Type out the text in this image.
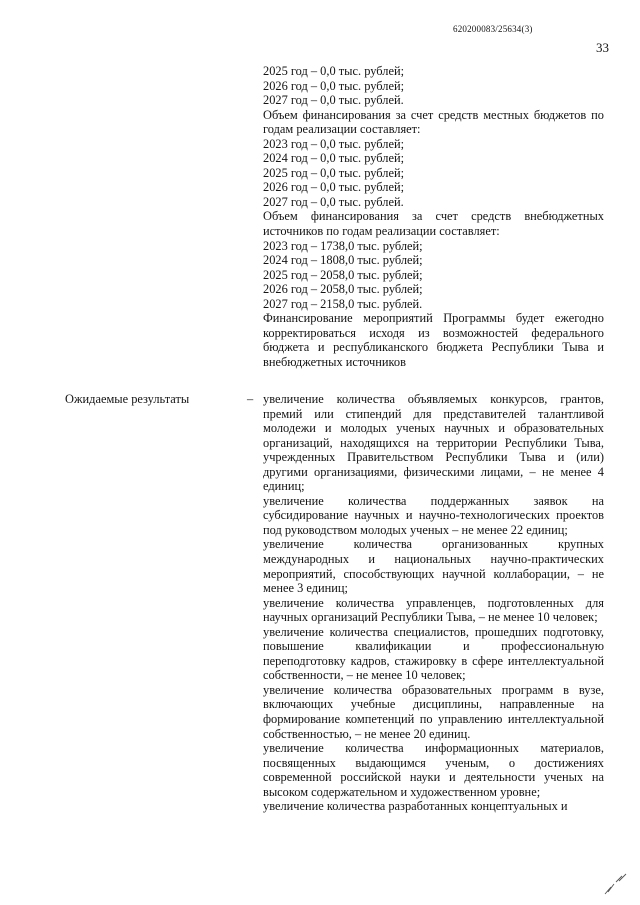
620200083/25634(3)
33

2025 год – 0,0 тыс. рублей;

2026 год – 0,0 тыс. рублей;

2027 год – 0,0 тыс. рублей.

Объем финансирования за счет средств местных бюджетов по годам реализации составляет:

2023 год – 0,0 тыс. рублей;

2024 год – 0,0 тыс. рублей;

2025 год – 0,0 тыс. рублей;

2026 год – 0,0 тыс. рублей;

2027 год – 0,0 тыс. рублей.

Объем финансирования за счет средств внебюджетных источников по годам реализации составляет:

2023 год – 1738,0 тыс. рублей;

2024 год – 1808,0 тыс. рублей;

2025 год – 2058,0 тыс. рублей;

2026 год – 2058,0 тыс. рублей;

2027 год – 2158,0 тыс. рублей.

Финансирование мероприятий Программы будет ежегодно корректироваться исходя из возможностей федерального бюджета и республиканского бюджета Республики Тыва и внебюджетных источников

Ожидаемые результаты	– увеличение количества объявляемых конкурсов, грантов, премий или стипендий для представителей талантливой молодежи и молодых ученых научных и образовательных организаций, находящихся на территории Республики Тыва, учрежденных Правительством Республики Тыва и (или) другими организациями, физическими лицами, – не менее 4 единиц;

увеличение количества поддержанных заявок на субсидирование научных и научно-технологических проектов под руководством молодых ученых – не менее 22 единиц;

увеличение количества организованных крупных международных и национальных научно-практических мероприятий, способствующих научной коллаборации, – не менее 3 единиц;

увеличение количества управленцев, подготовленных для научных организаций Республики Тыва, – не менее 10 человек;

увеличение количества специалистов, прошедших подготовку, повышение квалификации и профессиональную переподготовку кадров, стажировку в сфере интеллектуальной собственности, – не менее 10 человек;

увеличение количества образовательных программ в вузе, включающих учебные дисциплины, направленные на формирование компетенций по управлению интеллектуальной собственностью, – не менее 20 единиц.

увеличение количества информационных материалов, посвященных выдающимся ученым, о достижениях современной российской науки и деятельности ученых на высоком содержательном и художественном уровне;

увеличение количества разработанных концептуальных и
